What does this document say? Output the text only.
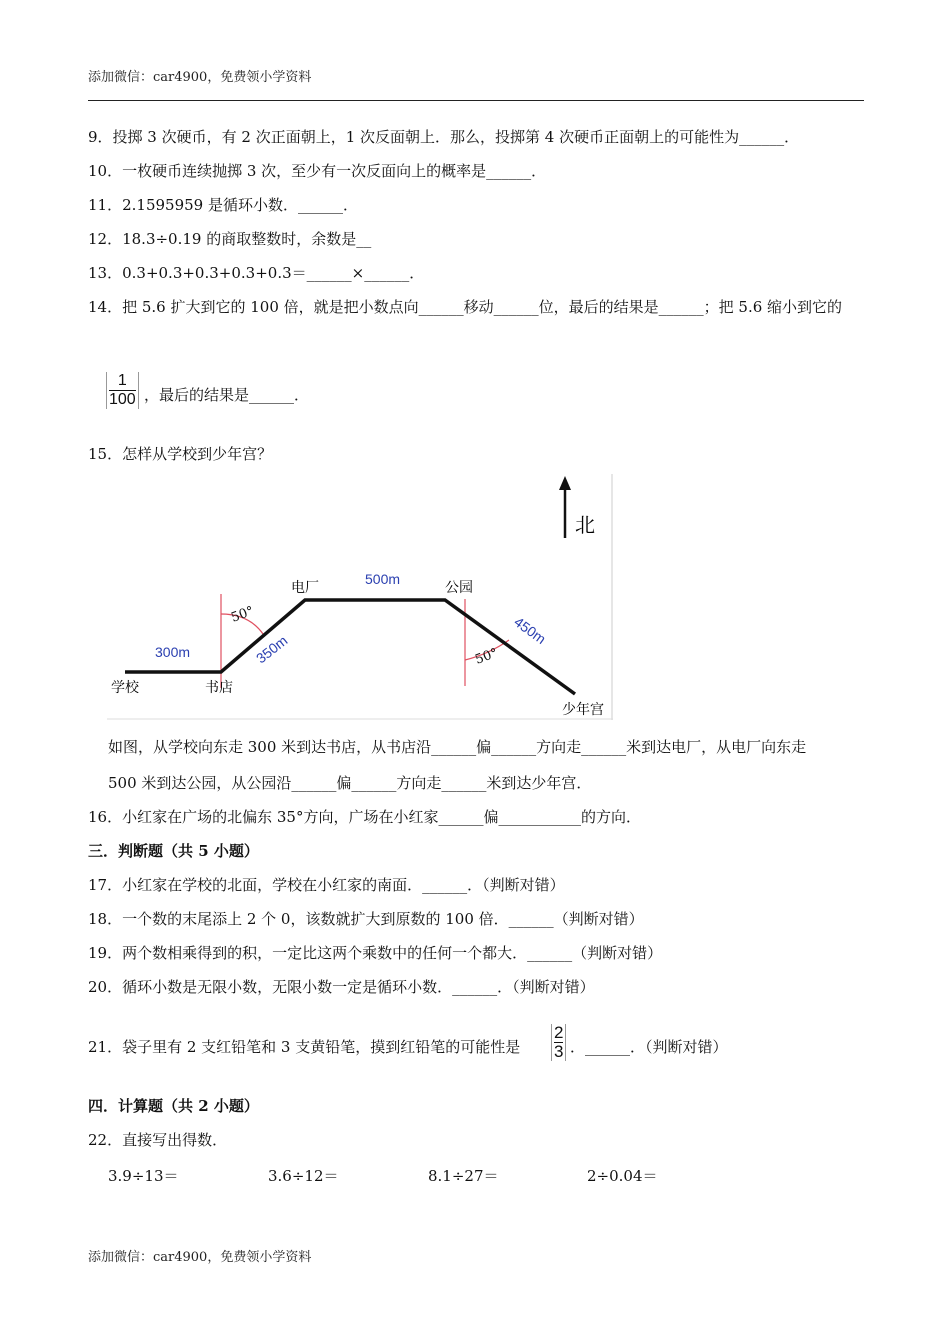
添加微信：car4900，免费领小学资料
9．投掷 3 次硬币，有 2 次正面朝上，1 次反面朝上．那么，投掷第 4 次硬币正面朝上的可能性为______．
10．一枚硬币连续抛掷 3 次，至少有一次反面向上的概率是______．
11．2.1595959 是循环小数．______．
12．18.3÷0.19 的商取整数时，余数是__
13．0.3+0.3+0.3+0.3+0.3＝______×______．
14．把 5.6 扩大到它的 100 倍，就是把小数点向______移动______位，最后的结果是______；把 5.6 缩小到它的
$\frac{1}{100}$ ，最后的结果是______．
15．怎样从学校到少年宫？
北
学校	书店
电厂	公园
少年宫
300m
500m
350m
450m
50°
50°
如图，从学校向东走 300 米到达书店，从书店沿______偏______方向走______米到达电厂，从电厂向东走
500 米到达公园，从公园沿______偏______方向走______米到达少年宫．
16．小红家在广场的北偏东 35°方向，广场在小红家______偏___________的方向．
三．判断题（共 5 小题）
17．小红家在学校的北面，学校在小红家的南面．______．（判断对错）
18．一个数的末尾添上 2 个 0，该数就扩大到原数的 100 倍．______（判断对错）
19．两个数相乘得到的积，一定比这两个乘数中的任何一个都大．______（判断对错）
20．循环小数是无限小数，无限小数一定是循环小数．______．（判断对错）
21．袋子里有 2 支红铅笔和 3 支黄铅笔，摸到红铅笔的可能性是 $\frac{2}{3}$ ．______．（判断对错）
四．计算题（共 2 小题）
22．直接写出得数．
3.9÷13＝	3.6÷12＝	8.1÷27＝	2÷0.04＝
添加微信：car4900，免费领小学资料
